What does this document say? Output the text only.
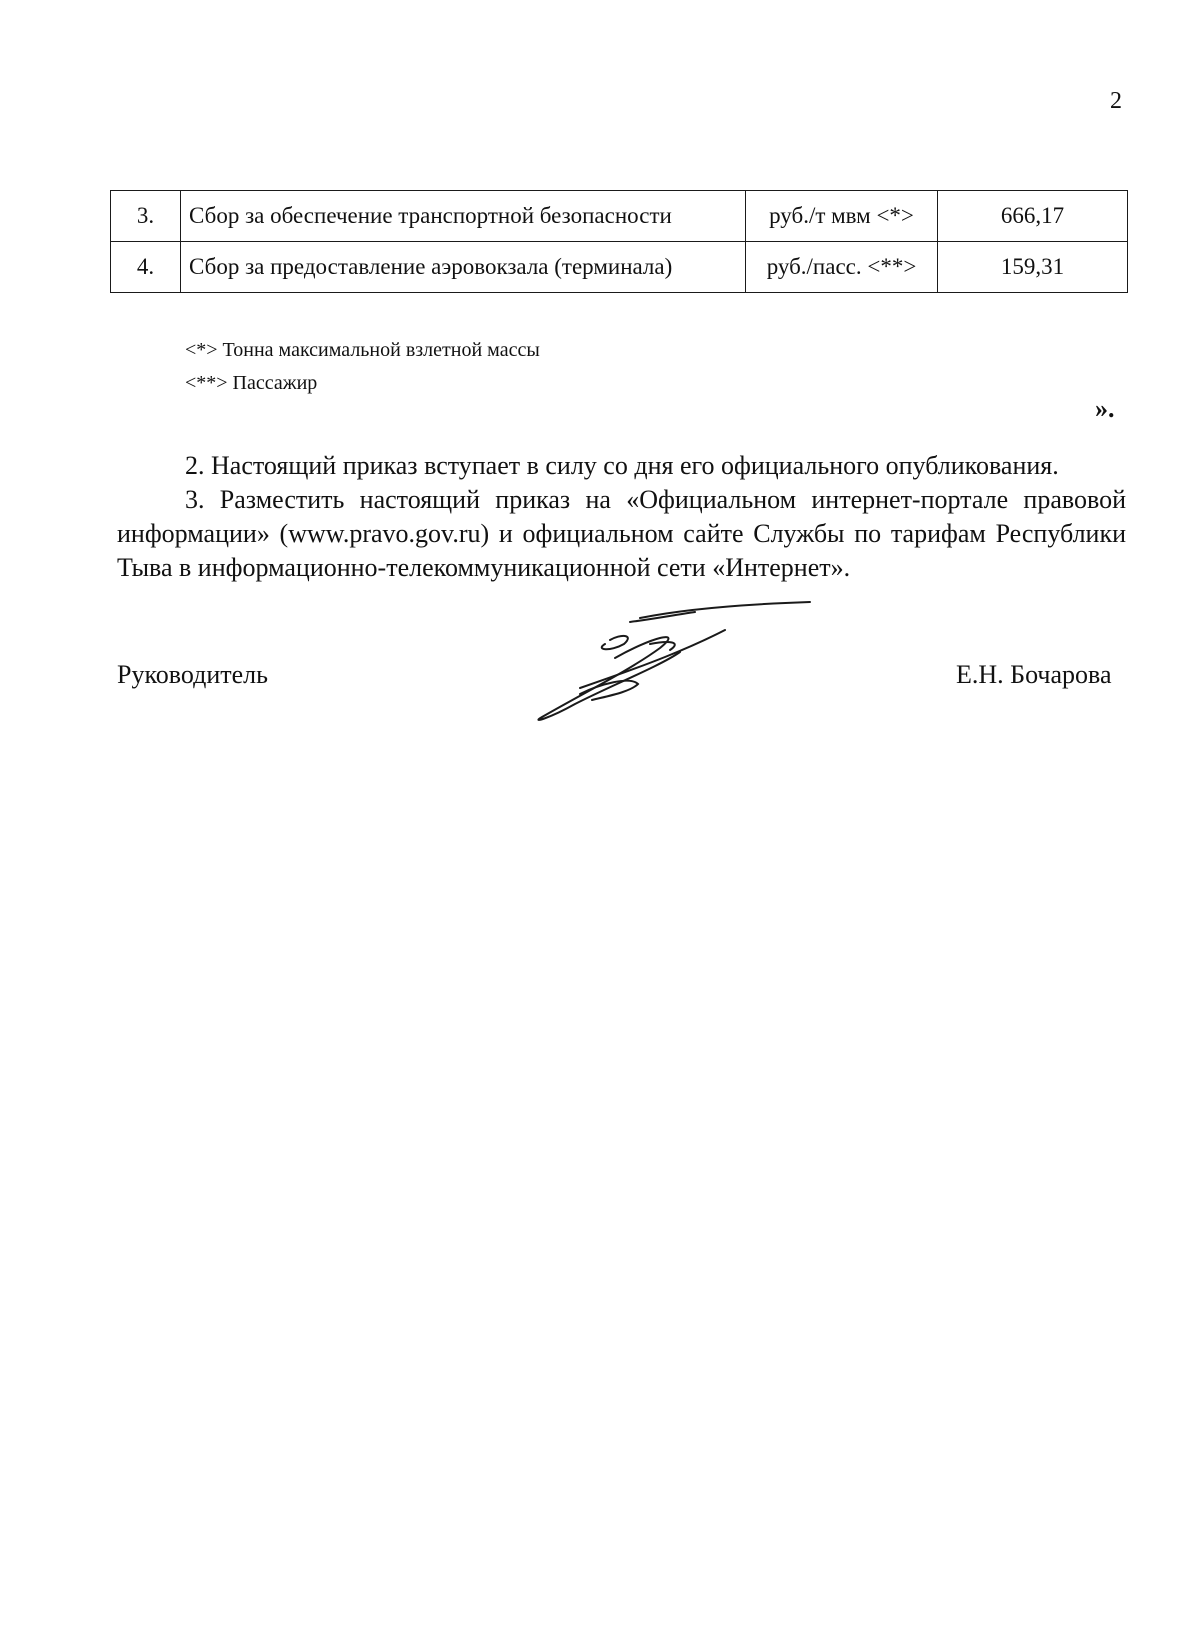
2
3.	Сбор за обеспечение транспортной безопасности	руб./т мвм <*>	666,17
4.	Сбор за предоставление аэровокзала (терминала)	руб./пасс. <**>	159,31
<*> Тонна максимальной взлетной массы
<**> Пассажир
».

2. Настоящий приказ вступает в силу со дня его официального опубликования.

3. Разместить настоящий приказ на «Официальном интернет-портале правовой информации» (www.pravo.gov.ru) и официальном сайте Службы по тарифам Республики Тыва в информационно-телекоммуникационной сети «Интернет».

Руководитель	Е.Н. Бочарова
